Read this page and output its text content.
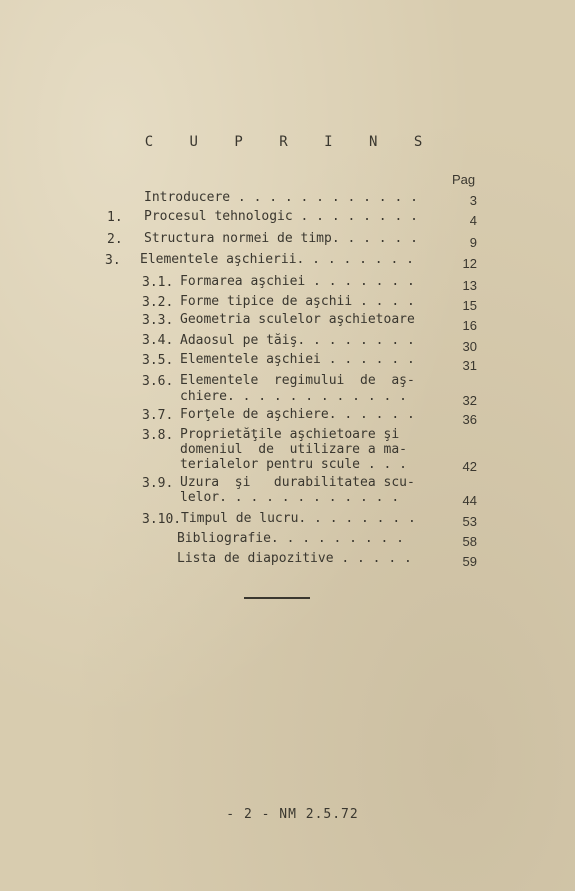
C U P R I N S
Pag
Introducere . . . . . . . . . . . .	3
1. Procesul tehnologic . . . . . . . .	4
2. Structura normei de timp. . . . . .	9
3. Elementele aşchierii. . . . . . . .	12
3.1. Formarea aşchiei . . . . . . .	13
3.2. Forme tipice de aşchii . . . .	15
3.3. Geometria sculelor aşchietoare	16
3.4. Adaosul pe tăiş. . . . . . . .	30
3.5. Elementele aşchiei . . . . . .	31
3.6. Elementele  regimului  de  aş-
chiere. . . . . . . . . . . .	32
3.7. Forţele de aşchiere. . . . . .	36
3.8. Proprietăţile aşchietoare şi
domeniul  de  utilizare a ma-
terialelor pentru scule . . .	42
3.9. Uzura  şi   durabilitatea scu-
lelor. . . . . . . . . . . .	44
3.10. Timpul de lucru. . . . . . . .	53
Bibliografie. . . . . . . . .	58
Lista de diapozitive . . . . .	59
- 2 - NM 2.5.72
